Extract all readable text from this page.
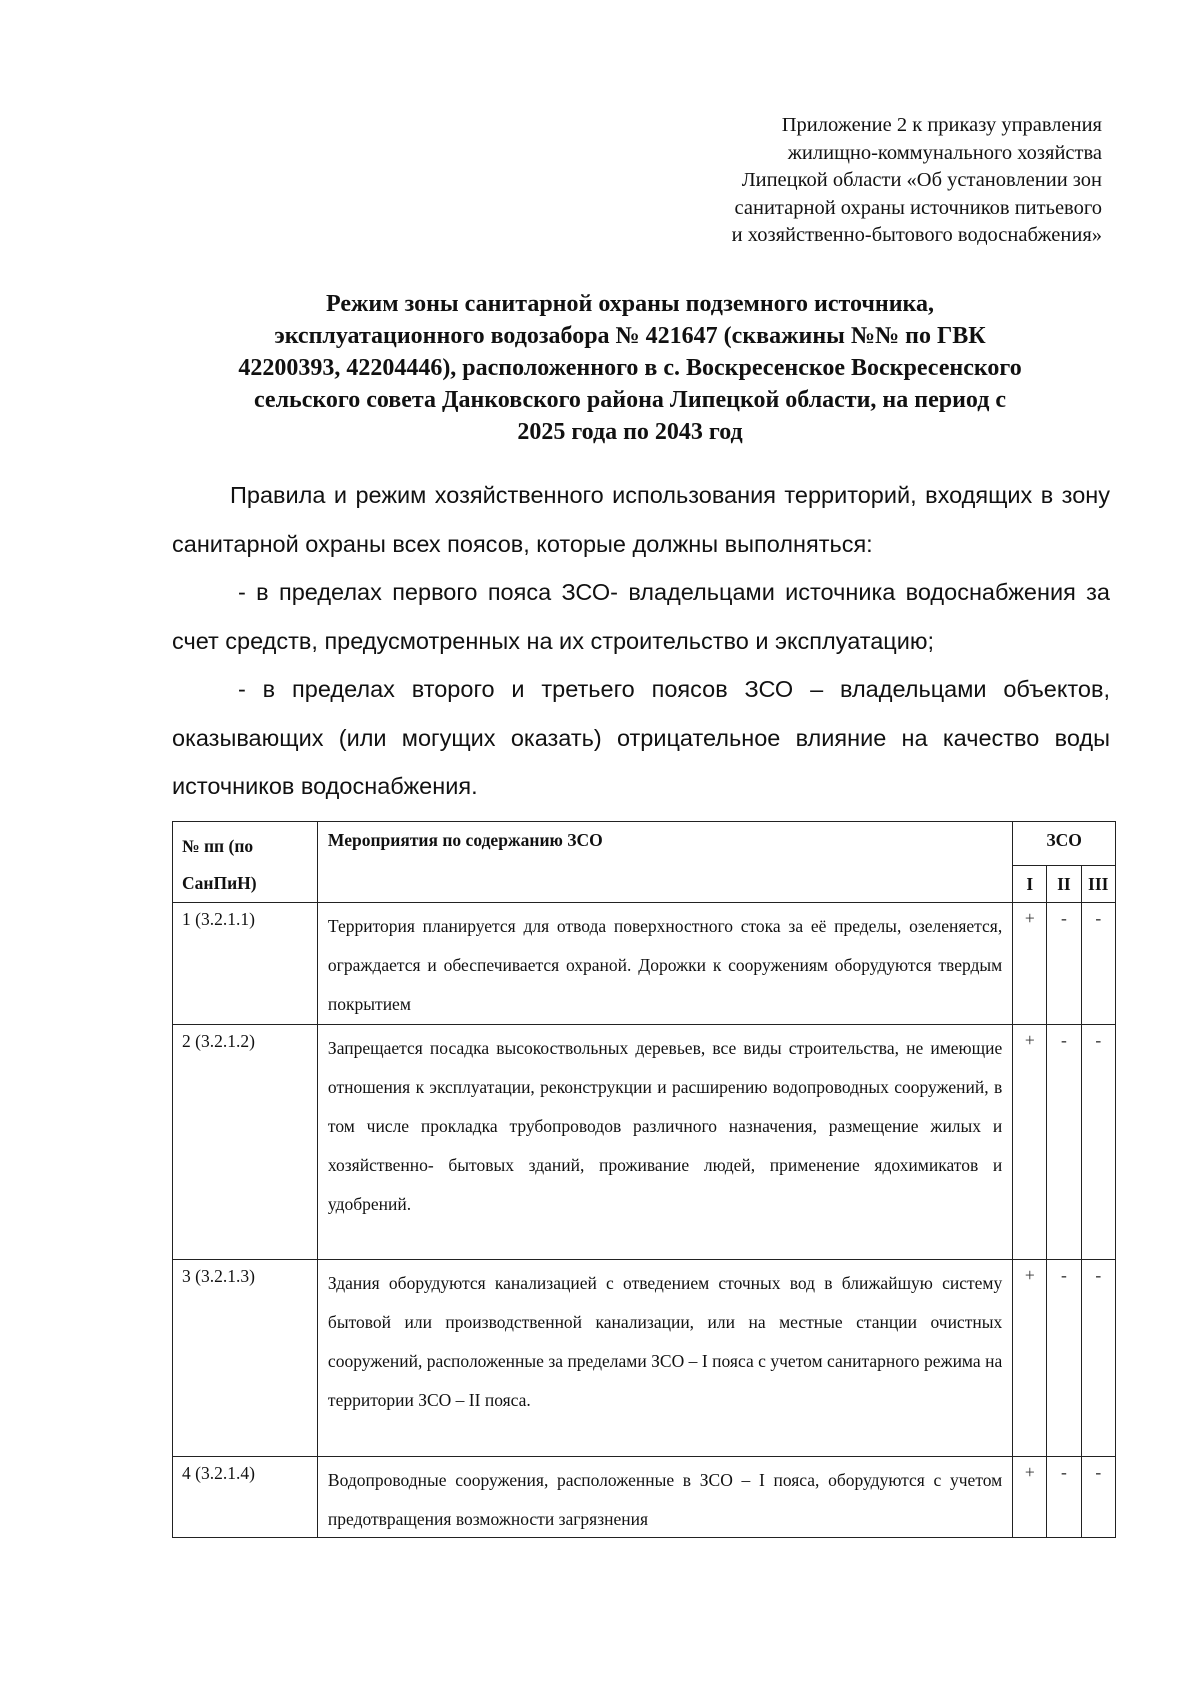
Приложение 2 к приказу управления
жилищно-коммунального хозяйства
Липецкой области «Об установлении зон
санитарной охраны источников питьевого
и хозяйственно-бытового водоснабжения»
Режим зоны санитарной охраны подземного источника,
эксплуатационного водозабора № 421647 (скважины №№ по ГВК
42200393, 42204446), расположенного в с. Воскресенское Воскресенского
сельского совета Данковского района Липецкой области, на период с
2025 года по 2043 год

Правила и режим хозяйственного использования территорий, входящих в зону санитарной охраны всех поясов, которые должны выполняться:

- в пределах первого пояса ЗСО- владельцами источника водоснабжения за счет средств, предусмотренных на их строительство и эксплуатацию;

- в пределах второго и третьего поясов ЗСО – владельцами объектов, оказывающих (или могущих оказать) отрицательное влияние на качество воды источников водоснабжения.

№ пп (по
СанПиН)	Мероприятия по содержанию ЗСО	ЗСО		
		I	II	III
1 (3.2.1.1)	Территория планируется для отвода поверхностного стока за её пределы, озеленяется, ограждается и обеспечивается охраной. Дорожки к сооружениям оборудуются твердым покрытием	+	-	-
2 (3.2.1.2)	Запрещается посадка высокоствольных деревьев, все виды строительства, не имеющие отношения к эксплуатации, реконструкции и расширению водопроводных сооружений, в том числе прокладка трубопроводов различного назначения, размещение жилых и хозяйственно- бытовых зданий, проживание людей, применение ядохимикатов и удобрений.	+	-	-
3 (3.2.1.3)	Здания оборудуются канализацией с отведением сточных вод в ближайшую систему бытовой или производственной канализации, или на местные станции очистных сооружений, расположенные за пределами ЗСО – I пояса с учетом санитарного режима на территории ЗСО – II пояса.	+	-	-
4 (3.2.1.4)	Водопроводные сооружения, расположенные в ЗСО – I пояса, оборудуются с учетом предотвращения возможности загрязнения	+	-	-
